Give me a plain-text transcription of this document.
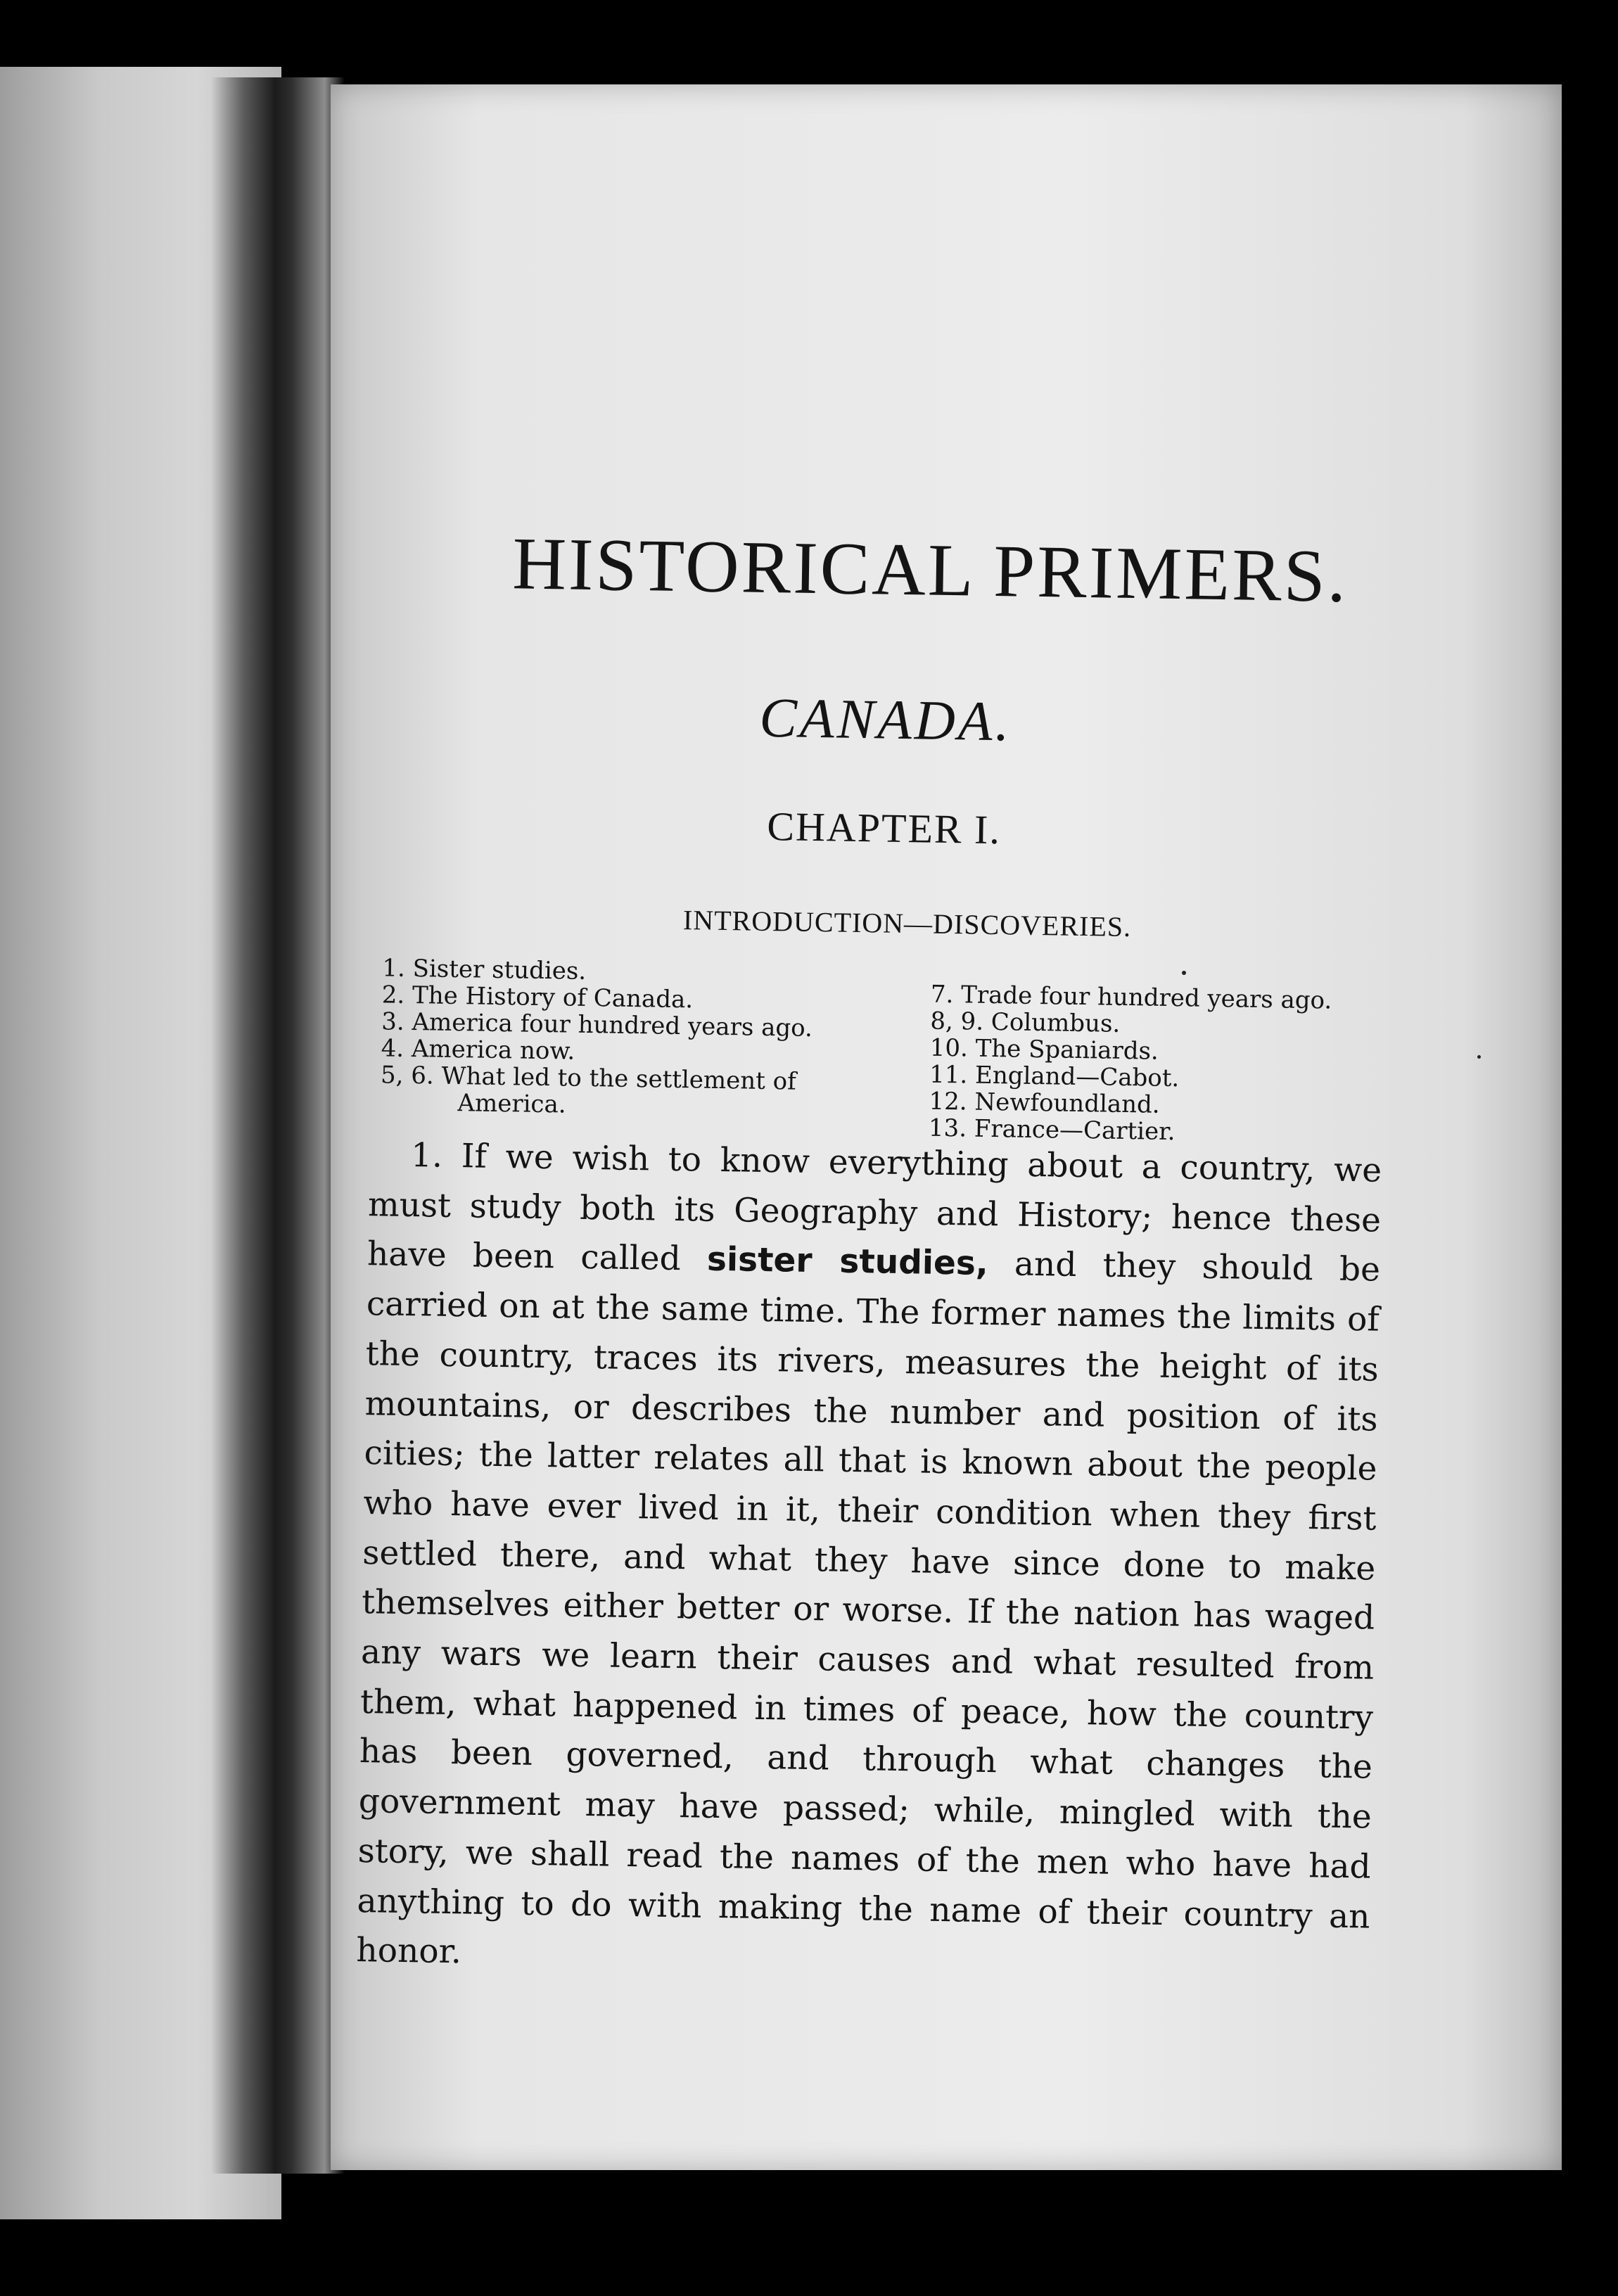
HISTORICAL PRIMERS.
CANADA.
CHAPTER I.
INTRODUCTION—DISCOVERIES.
1. Sister studies.
2. The History of Canada.
3. America four hundred years ago.
4. America now.
5, 6. What led to the settlement of
America.
7. Trade four hundred years ago.
8, 9. Columbus.
10. The Spaniards.
11. England—Cabot.
12. Newfoundland.
13. France—Cartier.

1. If we wish to know everything about a country, we must study both its Geography and History; hence these have been called sister studies, and they should be carried on at the same time. The former names the limits of the country, traces its rivers, measures the height of its mountains, or describes the number and position of its cities; the latter relates all that is known about the people who have ever lived in it, their condition when they first settled there, and what they have since done to make themselves either better or worse. If the nation has waged any wars we learn their causes and what resulted from them, what happened in times of peace, how the country has been governed, and through what changes the government may have passed; while, mingled with the story, we shall read the names of the men who have had anything to do with making the name of their country an honor.
